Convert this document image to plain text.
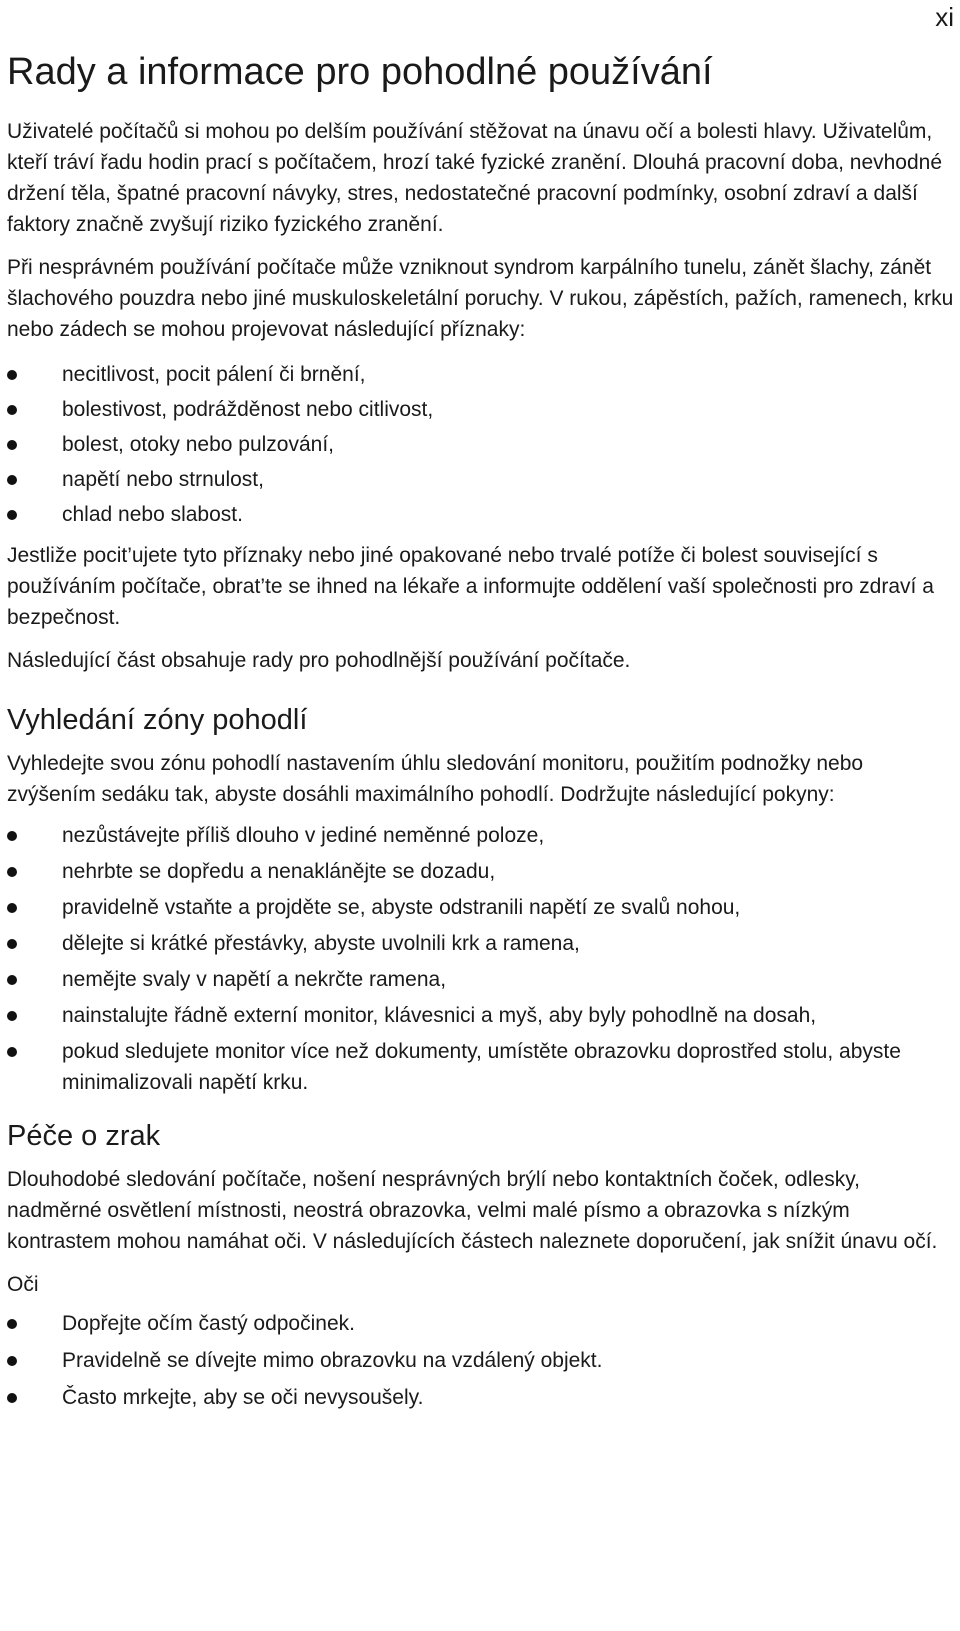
xi
Rady a informace pro pohodlné používání

Uživatelé počítačů si mohou po delším používání stěžovat na únavu očí a bolesti hlavy. Uživatelům, kteří tráví řadu hodin prací s počítačem, hrozí také fyzické zranění. Dlouhá pracovní doba, nevhodné držení těla, špatné pracovní návyky, stres, nedostatečné pracovní podmínky, osobní zdraví a další faktory značně zvyšují riziko fyzického zranění.

Při nesprávném používání počítače může vzniknout syndrom karpálního tunelu, zánět šlachy, zánět šlachového pouzdra nebo jiné muskuloskeletální poruchy. V rukou, zápěstích, pažích, ramenech, krku nebo zádech se mohou projevovat následující příznaky:

necitlivost, pocit pálení či brnění,
bolestivost, podrážděnost nebo citlivost,
bolest, otoky nebo pulzování,
napětí nebo strnulost,
chlad nebo slabost.

Jestliže pocit’ujete tyto příznaky nebo jiné opakované nebo trvalé potíže či bolest související s používáním počítače, obrat’te se ihned na lékaře a informujte oddělení vaší společnosti pro zdraví a bezpečnost.

Následující část obsahuje rady pro pohodlnější používání počítače.

Vyhledání zóny pohodlí

Vyhledejte svou zónu pohodlí nastavením úhlu sledování monitoru, použitím podnožky nebo zvýšením sedáku tak, abyste dosáhli maximálního pohodlí. Dodržujte následující pokyny:

nezůstávejte příliš dlouho v jediné neměnné poloze,
nehrbte se dopředu a nenaklánějte se dozadu,
pravidelně vstaňte a projděte se, abyste odstranili napětí ze svalů nohou,
dělejte si krátké přestávky, abyste uvolnili krk a ramena,
nemějte svaly v napětí a nekrčte ramena,
nainstalujte řádně externí monitor, klávesnici a myš, aby byly pohodlně na dosah,
pokud sledujete monitor více než dokumenty, umístěte obrazovku doprostřed stolu, abyste minimalizovali napětí krku.
Péče o zrak

Dlouhodobé sledování počítače, nošení nesprávných brýlí nebo kontaktních čoček, odlesky, nadměrné osvětlení místnosti, neostrá obrazovka, velmi malé písmo a obrazovka s nízkým kontrastem mohou namáhat oči. V následujících částech naleznete doporučení, jak snížit únavu očí.

Oči
Dopřejte očím častý odpočinek.
Pravidelně se dívejte mimo obrazovku na vzdálený objekt.
Často mrkejte, aby se oči nevysoušely.
